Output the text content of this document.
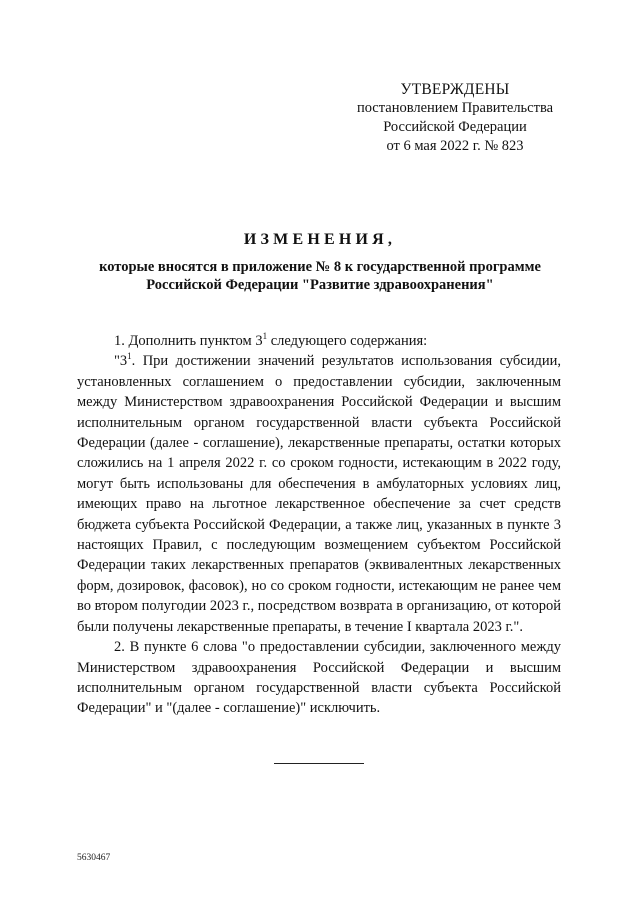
УТВЕРЖДЕНЫ
постановлением Правительства
Российской Федерации
от 6 мая 2022 г. № 823
ИЗМЕНЕНИЯ,
которые вносятся в приложение № 8 к государственной программе
Российской Федерации "Развитие здравоохранения"

1. Дополнить пунктом $3^1$ следующего содержания:

"$3^1$. При достижении значений результатов использования субсидии, установленных соглашением о предоставлении субсидии, заключенным между Министерством здравоохранения Российской Федерации и высшим исполнительным органом государственной власти субъекта Российской Федерации (далее - соглашение), лекарственные препараты, остатки которых сложились на 1 апреля 2022 г. со сроком годности, истекающим в 2022 году, могут быть использованы для обеспечения в амбулаторных условиях лиц, имеющих право на льготное лекарственное обеспечение за счет средств бюджета субъекта Российской Федерации, а также лиц, указанных в пункте 3 настоящих Правил, с последующим возмещением субъектом Российской Федерации таких лекарственных препаратов (эквивалентных лекарственных форм, дозировок, фасовок), но со сроком годности, истекающим не ранее чем во втором полугодии 2023 г., посредством возврата в организацию, от которой были получены лекарственные препараты, в течение I квартала 2023 г.".

2. В пункте 6 слова "о предоставлении субсидии, заключенного между Министерством здравоохранения Российской Федерации и высшим исполнительным органом государственной власти субъекта Российской Федерации" и "(далее - соглашение)" исключить.

5630467
